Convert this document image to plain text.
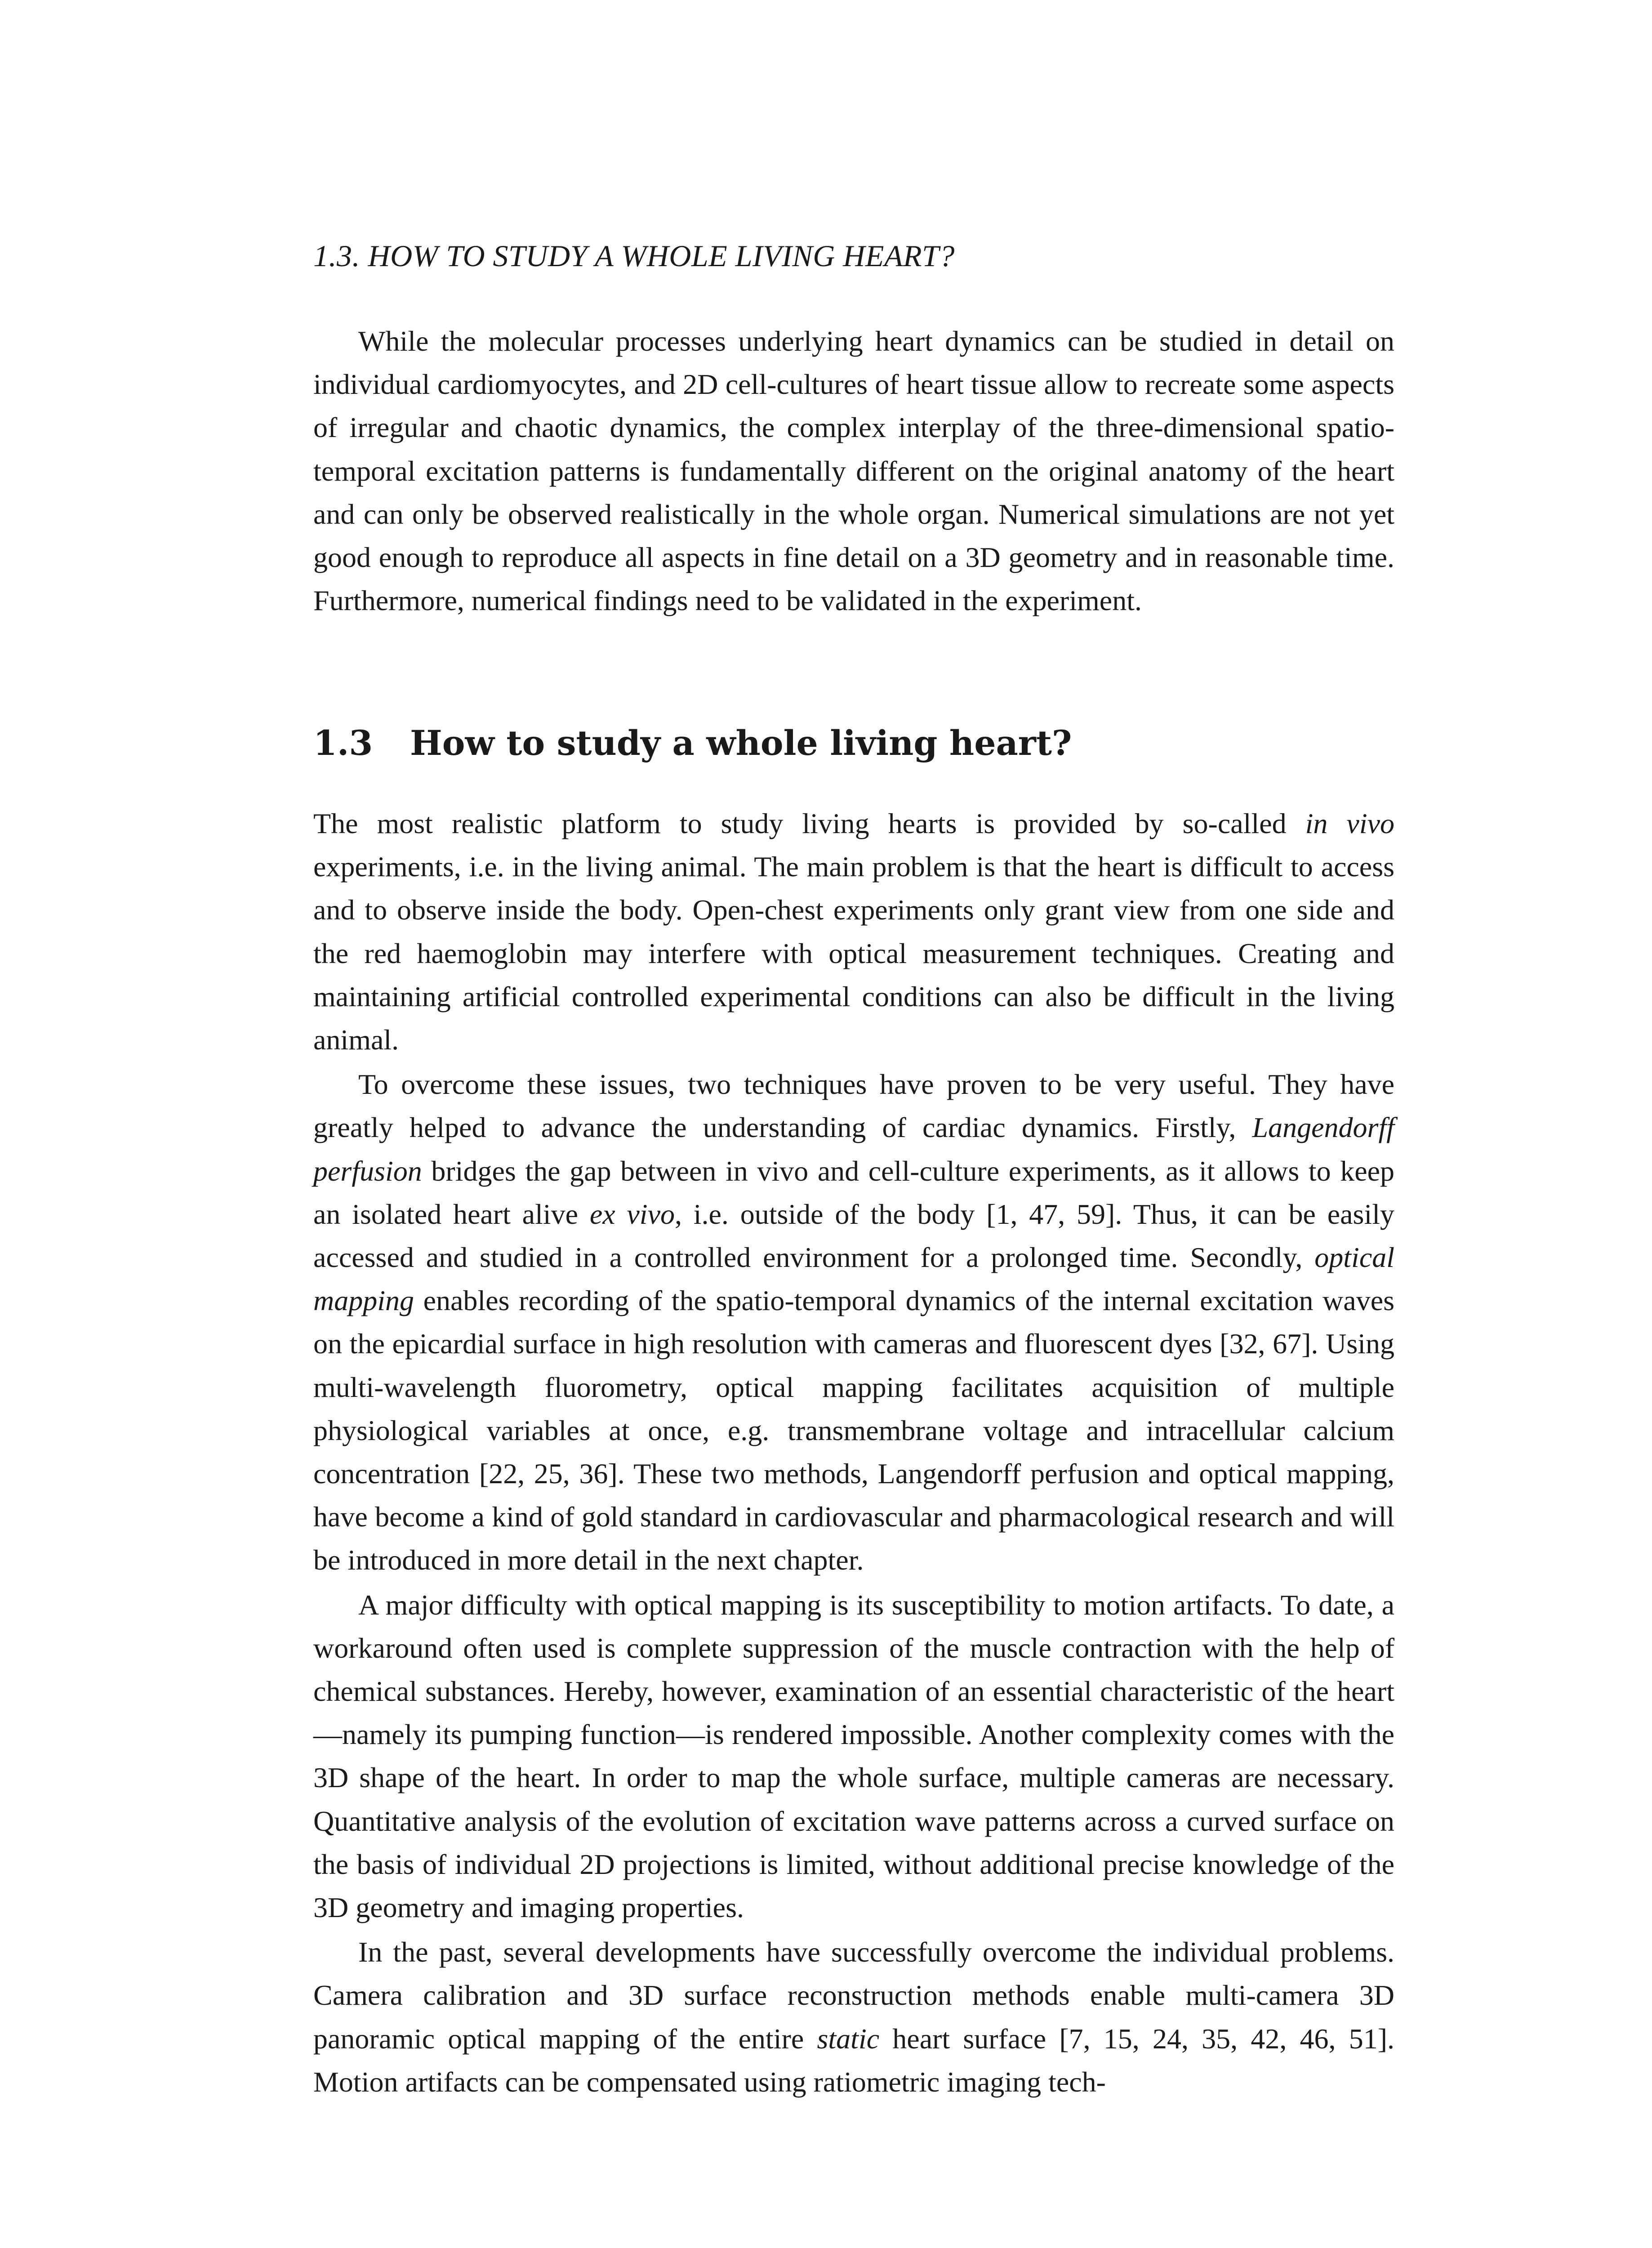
1.3. HOW TO STUDY A WHOLE LIVING HEART?

While the molecular processes underlying heart dynamics can be studied in detail on individual cardiomyocytes, and 2D cell-cultures of heart tissue allow to recreate some aspects of irregular and chaotic dynamics, the complex interplay of the three-dimensional spatio-temporal excitation patterns is fundamentally different on the original anatomy of the heart and can only be observed realistically in the whole organ. Numerical simulations are not yet good enough to reproduce all aspects in fine detail on a 3D geometry and in reasonable time. Furthermore, numerical findings need to be validated in the experiment.

1.3 How to study a whole living heart?

The most realistic platform to study living hearts is provided by so-called in vivo experiments, i.e. in the living animal. The main problem is that the heart is difficult to access and to observe inside the body. Open-chest experiments only grant view from one side and the red haemoglobin may interfere with optical measurement techniques. Creating and maintaining artificial controlled experimental conditions can also be difficult in the living animal.

To overcome these issues, two techniques have proven to be very useful. They have greatly helped to advance the understanding of cardiac dynamics. Firstly, Langendorff perfusion bridges the gap between in vivo and cell-culture experiments, as it allows to keep an isolated heart alive ex vivo, i.e. outside of the body [1, 47, 59]. Thus, it can be easily accessed and studied in a controlled environment for a prolonged time. Secondly, optical mapping enables recording of the spatio-temporal dynamics of the internal excitation waves on the epicardial surface in high resolution with cameras and fluorescent dyes [32, 67]. Using multi-wavelength fluorometry, optical mapping facilitates acquisition of multiple physiological variables at once, e.g. transmembrane voltage and intracellular calcium concentration [22, 25, 36]. These two methods, Langendorff perfusion and optical mapping, have become a kind of gold standard in cardiovascular and pharmacological research and will be introduced in more detail in the next chapter.

A major difficulty with optical mapping is its susceptibility to motion artifacts. To date, a workaround often used is complete suppression of the muscle contraction with the help of chemical substances. Hereby, however, examination of an essential characteristic of the heart—namely its pumping function—is rendered impossible. Another complexity comes with the 3D shape of the heart. In order to map the whole surface, multiple cameras are necessary. Quantitative analysis of the evolution of excitation wave patterns across a curved surface on the basis of individual 2D projections is limited, without additional precise knowledge of the 3D geometry and imaging properties.

In the past, several developments have successfully overcome the individual problems. Camera calibration and 3D surface reconstruction methods enable multi-camera 3D panoramic optical mapping of the entire static heart surface [7, 15, 24, 35, 42, 46, 51]. Motion artifacts can be compensated using ratiometric imaging tech-
